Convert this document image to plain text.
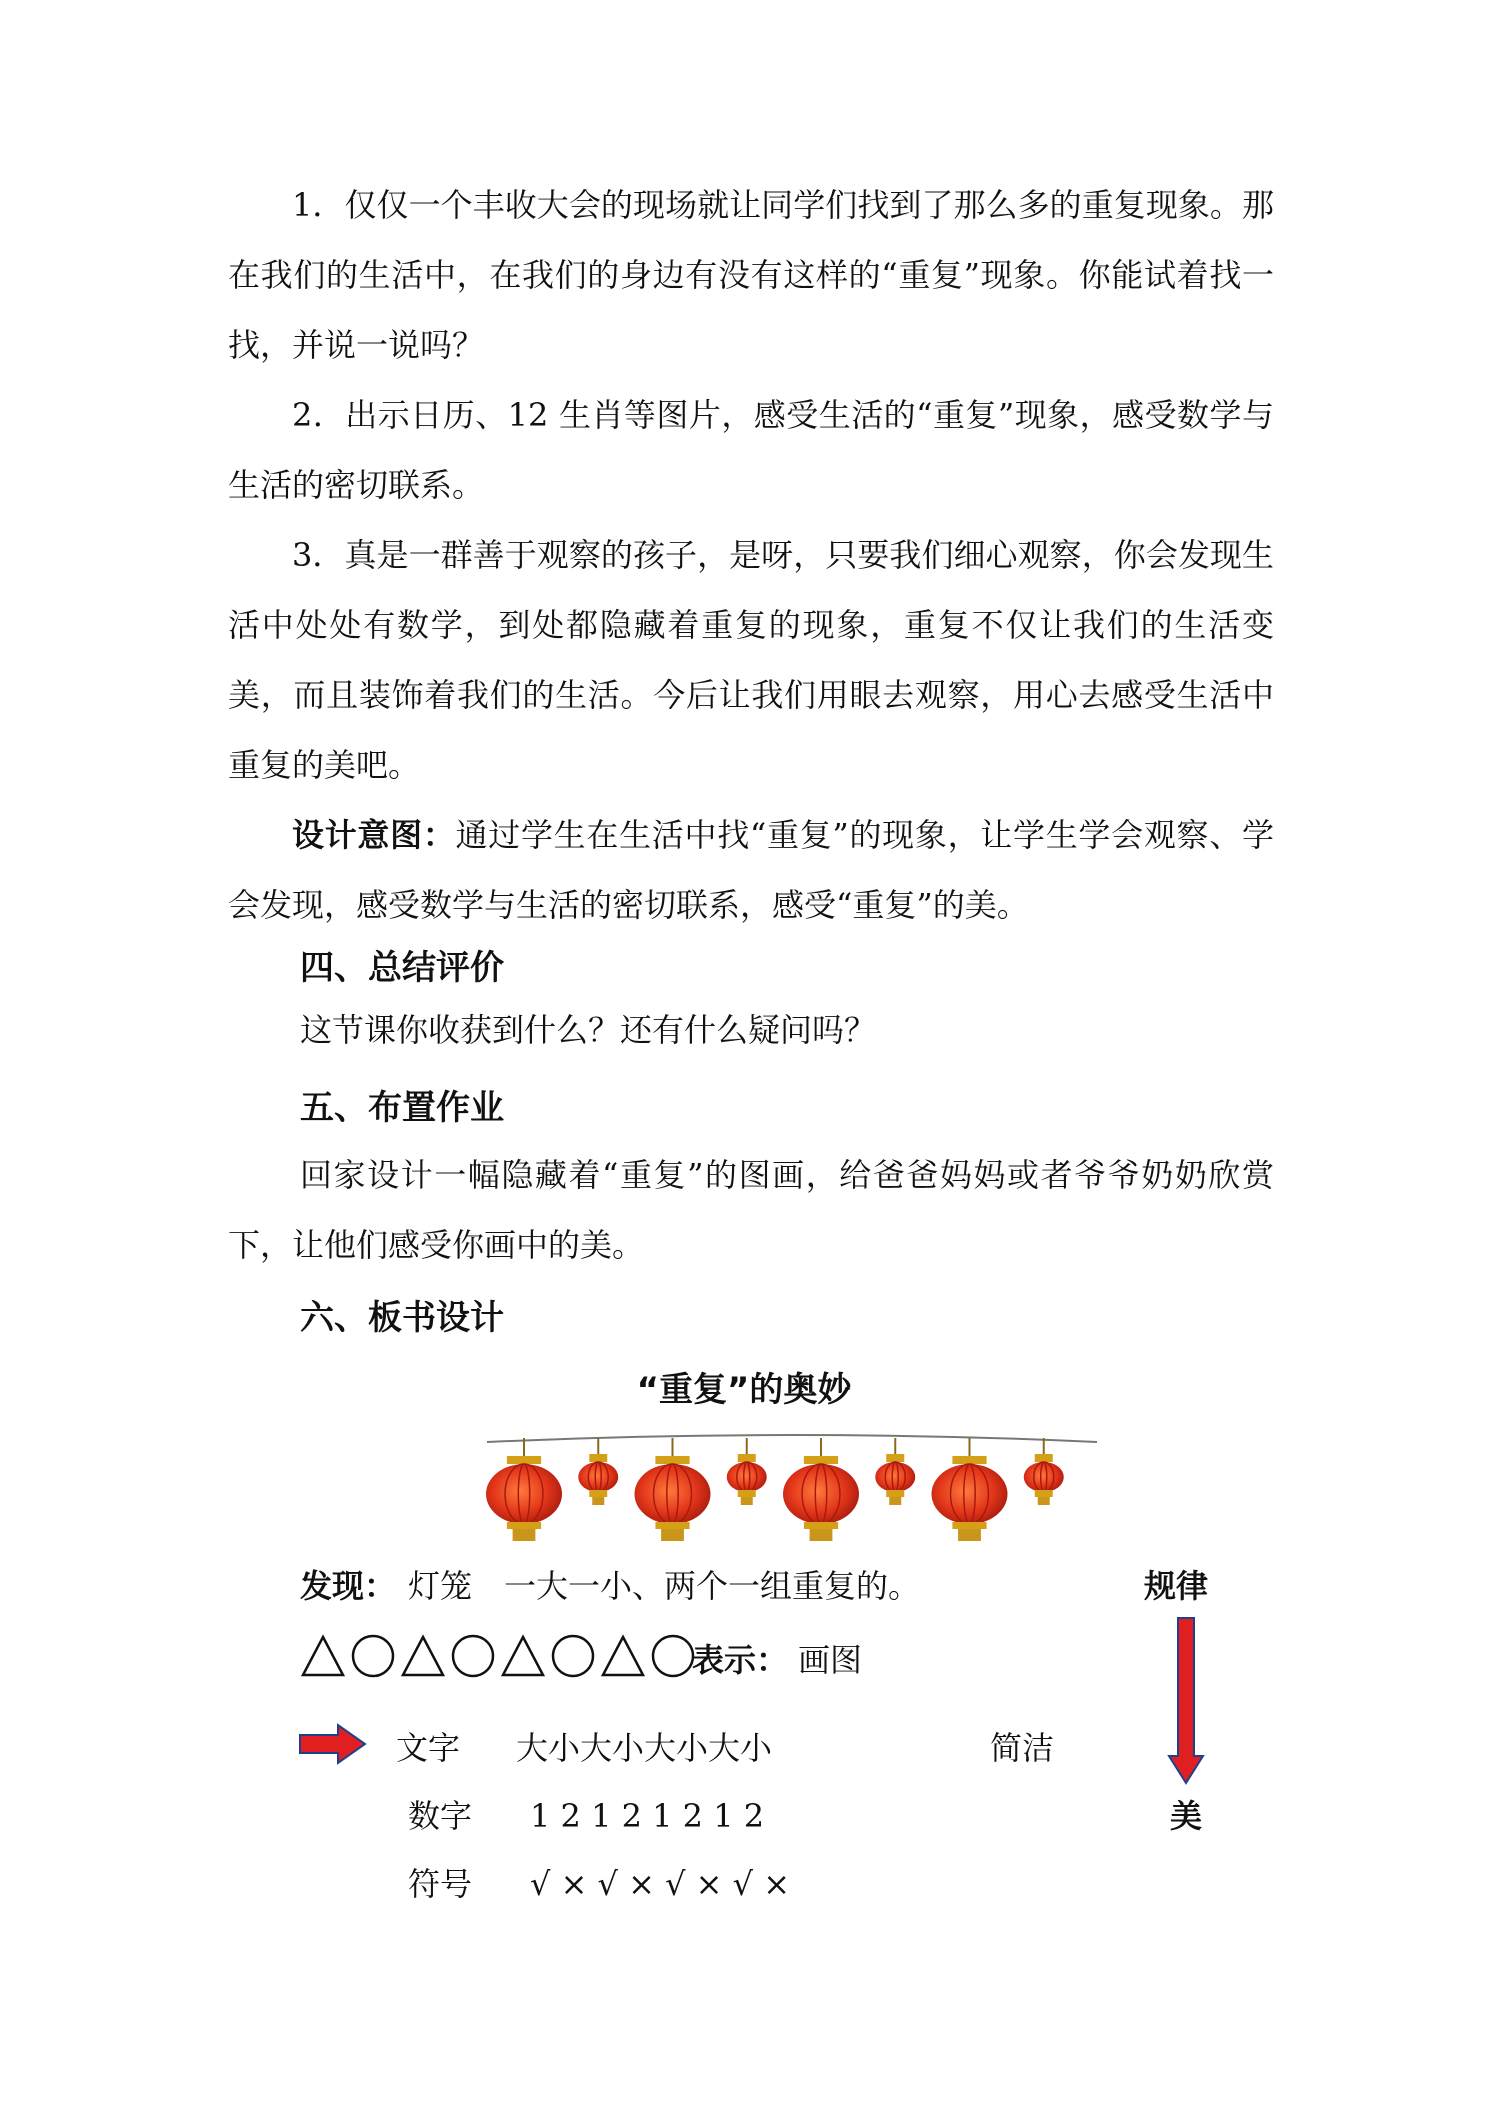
1．仅仅一个丰收大会的现场就让同学们找到了那么多的重复现象。那在我们的生活中，在我们的身边有没有这样的“重复”现象。你能试着找一找，并说一说吗？
2．出示日历、12 生肖等图片，感受生活的“重复”现象，感受数学与生活的密切联系。
3．真是一群善于观察的孩子，是呀，只要我们细心观察，你会发现生活中处处有数学，到处都隐藏着重复的现象，重复不仅让我们的生活变美，而且装饰着我们的生活。今后让我们用眼去观察，用心去感受生活中重复的美吧。
设计意图：通过学生在生活中找“重复”的现象，让学生学会观察、学会发现，感受数学与生活的密切联系，感受“重复”的美。
四、总结评价
这节课你收获到什么？还有什么疑问吗？
五、布置作业
回家设计一幅隐藏着“重复”的图画，给爸爸妈妈或者爷爷奶奶欣赏下，让他们感受你画中的美。
六、板书设计
“重复”的奥妙
发现： 灯笼　一大一小、两个一组重复的。	规律
表示： 画图
文字 大小大小大小大小	简洁
数字 1 2 1 2 1 2 1 2
符号 √ × √ × √ × √ ×
美
